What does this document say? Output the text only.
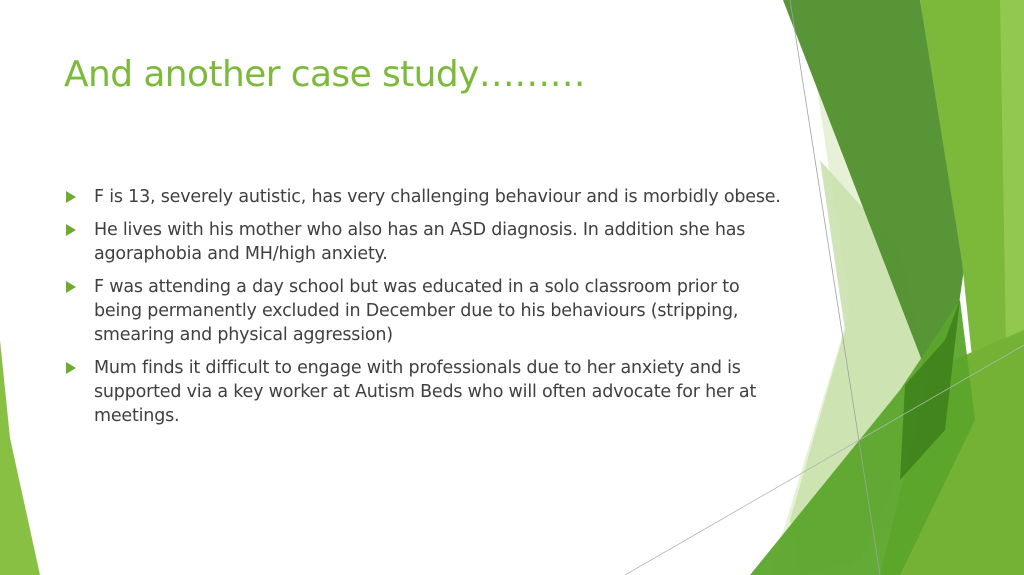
And another case study………
F is 13, severely autistic, has very challenging behaviour and is morbidly obese.
He lives with his mother who also has an ASD diagnosis. In addition she has agoraphobia and MH/high anxiety.
F was attending a day school but was educated in a solo classroom prior to being permanently excluded in December due to his behaviours (stripping, smearing and physical aggression)
Mum finds it difficult to engage with professionals due to her anxiety and is supported via a key worker at Autism Beds who will often advocate for her at meetings.
